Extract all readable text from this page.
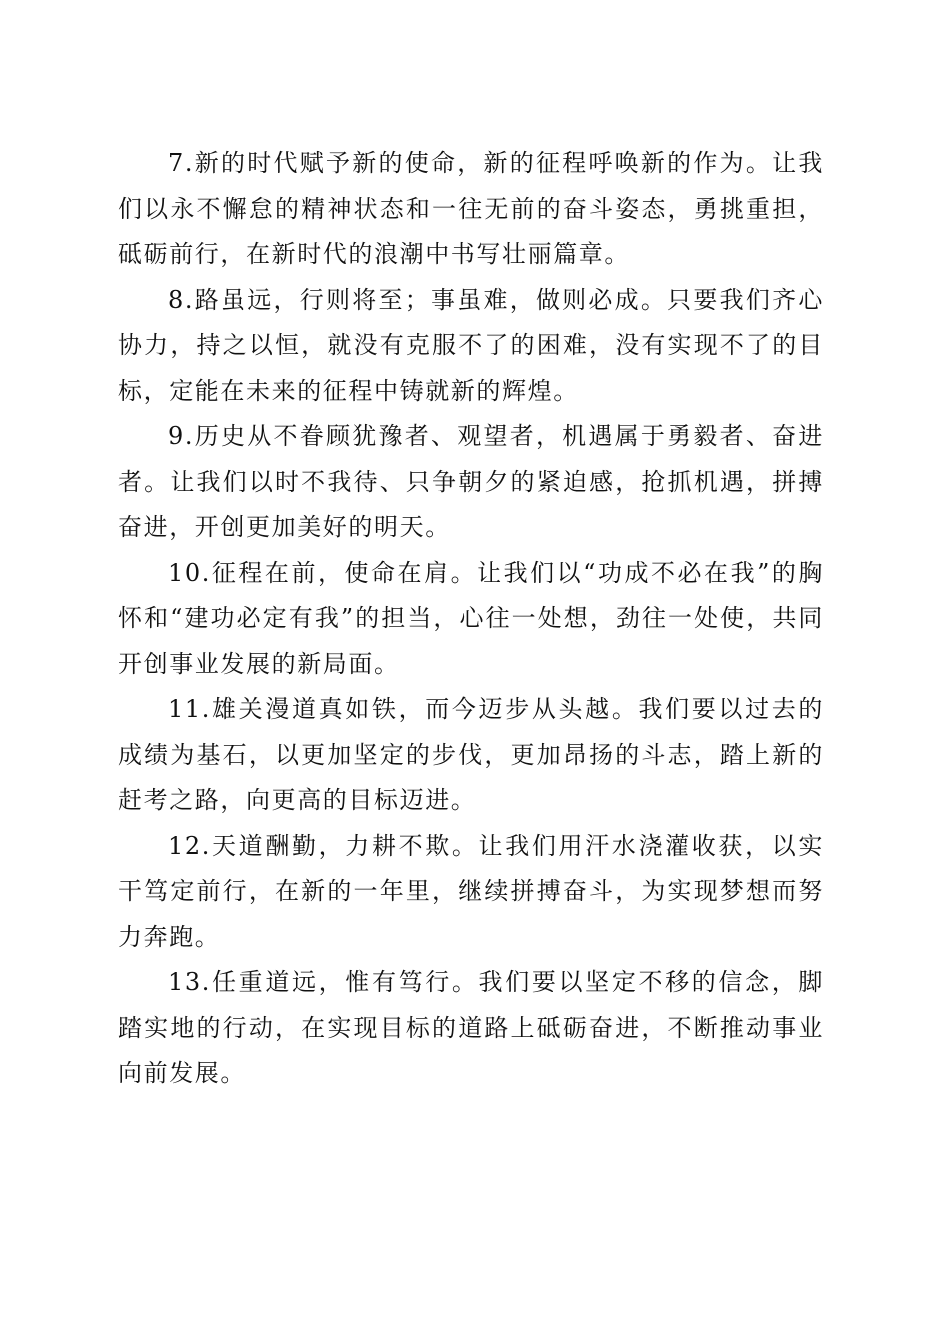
7.新的时代赋予新的使命，新的征程呼唤新的作为。让我们以永不懈怠的精神状态和一往无前的奋斗姿态，勇挑重担，砥砺前行，在新时代的浪潮中书写壮丽篇章。

8.路虽远，行则将至；事虽难，做则必成。只要我们齐心协力，持之以恒，就没有克服不了的困难，没有实现不了的目标，定能在未来的征程中铸就新的辉煌。

9.历史从不眷顾犹豫者、观望者，机遇属于勇毅者、奋进者。让我们以时不我待、只争朝夕的紧迫感，抢抓机遇，拼搏奋进，开创更加美好的明天。

10.征程在前，使命在肩。让我们以“功成不必在我”的胸怀和“建功必定有我”的担当，心往一处想，劲往一处使，共同开创事业发展的新局面。

11.雄关漫道真如铁，而今迈步从头越。我们要以过去的成绩为基石，以更加坚定的步伐，更加昂扬的斗志，踏上新的赶考之路，向更高的目标迈进。

12.天道酬勤，力耕不欺。让我们用汗水浇灌收获，以实干笃定前行，在新的一年里，继续拼搏奋斗，为实现梦想而努力奔跑。

13.任重道远，惟有笃行。我们要以坚定不移的信念，脚踏实地的行动，在实现目标的道路上砥砺奋进，不断推动事业向前发展。
